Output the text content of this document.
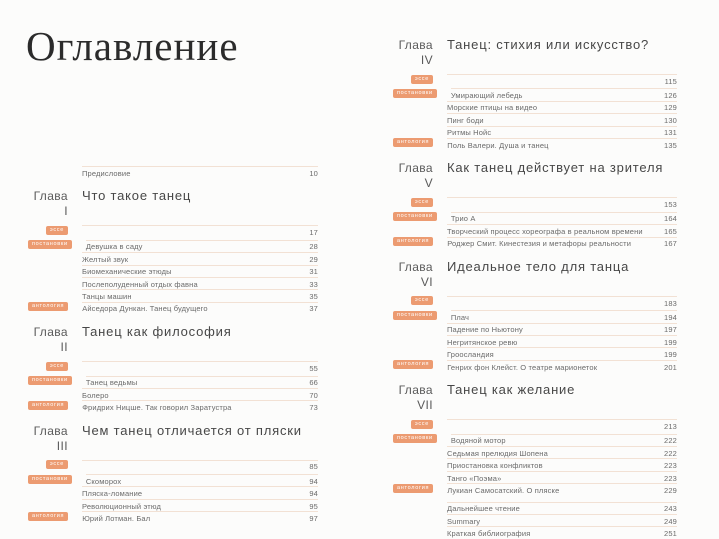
Оглавление
Предисловие	10
Глава I
Что такое танец
эссе	17
постановки	Девушка в саду	28
Желтый звук	29
Биомеханические этюды	31
Послеполуденный отдых фавна	33
Танцы машин	35
антология	Айседора Дункан. Танец будущего	37
Глава II
Танец как философия
эссе	55
постановки	Танец ведьмы	66
Болеро	70
антология	Фридрих Ницше. Так говорил Заратустра	73
Глава III
Чем танец отличается от пляски
эссе	85
постановки	Скоморох	94
Пляска-ломание	94
Революционный этюд	95
антология	Юрий Лотман. Бал	97
Глава IV
Танец: стихия или искусство?
эссе	115
постановки	Умирающий лебедь	126
Морские птицы на видео	129
Пинг боди	130
Ритмы Нойс	131
антология	Поль Валери. Душа и танец	135
Глава V
Как танец действует на зрителя
эссе	153
постановки	Трио А	164
Творческий процесс хореографа в реальном времени	165
антология	Роджер Смит. Кинестезия и метафоры реальности	167
Глава VI
Идеальное тело для танца
эссе	183
постановки	Плач	194
Падение по Ньютону	197
Негритянское ревю	199
Гроосландия	199
антология	Генрих фон Клейст. О театре марионеток	201
Глава VII
Танец как желание
эссе	213
постановки	Водяной мотор	222
Седьмая прелюдия Шопена	222
Приостановка конфликтов	223
Танго «Поэма»	223
антология	Лукиан Самосатский. О пляске	229
Дальнейшее чтение	243
Summary	249
Краткая библиография	251
